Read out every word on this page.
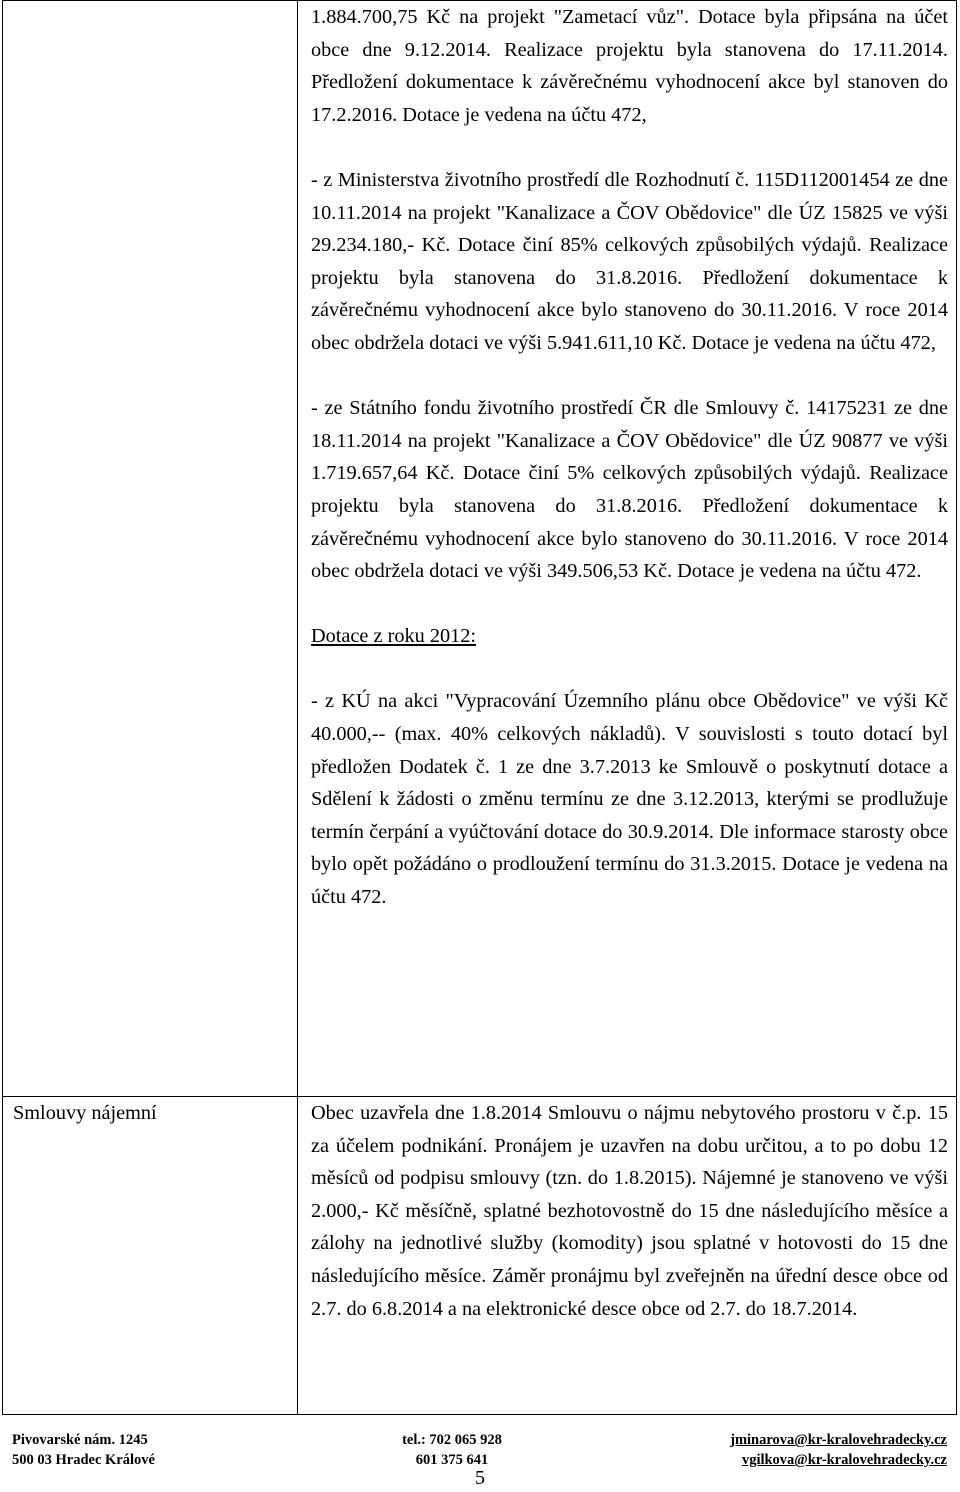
	1.884.700,75 Kč na projekt "Zametací vůz". Dotace byla připsána na účet obce dne 9.12.2014. Realizace projektu byla stanovena do 17.11.2014. Předložení dokumentace k závěrečnému vyhodnocení akce byl stanoven do 17.2.2016. Dotace je vedena na účtu 472,

- z Ministerstva životního prostředí dle Rozhodnutí č. 115D112001454 ze dne 10.11.2014 na projekt "Kanalizace a ČOV Obědovice" dle ÚZ 15825 ve výši 29.234.180,- Kč. Dotace činí 85% celkových způsobilých výdajů. Realizace projektu byla stanovena do 31.8.2016. Předložení dokumentace k závěrečnému vyhodnocení akce bylo stanoveno do 30.11.2016. V roce 2014 obec obdržela dotaci ve výši 5.941.611,10 Kč. Dotace je vedena na účtu 472,

- ze Státního fondu životního prostředí ČR dle Smlouvy č. 14175231 ze dne 18.11.2014 na projekt "Kanalizace a ČOV Obědovice" dle ÚZ 90877 ve výši 1.719.657,64 Kč. Dotace činí 5% celkových způsobilých výdajů. Realizace projektu byla stanovena do 31.8.2016. Předložení dokumentace k závěrečnému vyhodnocení akce bylo stanoveno do 30.11.2016. V roce 2014 obec obdržela dotaci ve výši 349.506,53 Kč. Dotace je vedena na účtu 472.

Dotace z roku 2012:

- z KÚ na akci "Vypracování Územního plánu obce Obědovice" ve výši Kč 40.000,-- (max. 40% celkových nákladů). V souvislosti s touto dotací byl předložen Dodatek č. 1 ze dne 3.7.2013 ke Smlouvě o poskytnutí dotace a Sdělení k žádosti o změnu termínu ze dne 3.12.2013, kterými se prodlužuje termín čerpání a vyúčtování dotace do 30.9.2014. Dle informace starosty obce bylo opět požádáno o prodloužení termínu do 31.3.2015. Dotace je vedena na účtu 472.

Smlouvy nájemní	Obec uzavřela dne 1.8.2014 Smlouvu o nájmu nebytového prostoru v č.p. 15 za účelem podnikání. Pronájem je uzavřen na dobu určitou, a to po dobu 12 měsíců od podpisu smlouvy (tzn. do 1.8.2015). Nájemné je stanoveno ve výši 2.000,- Kč měsíčně, splatné bezhotovostně do 15 dne následujícího měsíce a zálohy na jednotlivé služby (komodity) jsou splatné v hotovosti do 15 dne následujícího měsíce. Záměr pronájmu byl zveřejněn na úřední desce obce od 2.7. do 6.8.2014 a na elektronické desce obce od 2.7. do 18.7.2014.

Pivovarské nám. 1245
500 03 Hradec Králové
tel.: 702 065 928
601 375 641
jminarova@kr-kralovehradecky.cz
vgilkova@kr-kralovehradecky.cz
5
